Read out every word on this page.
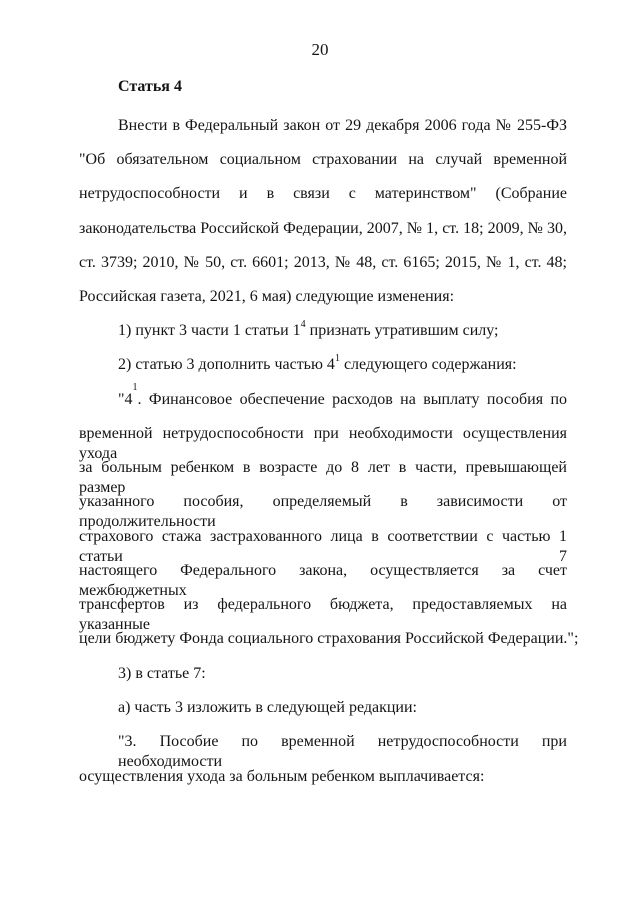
20
Статья 4
Внести в Федеральный закон от 29 декабря 2006 года № 255-ФЗ
"Об обязательном социальном страховании на случай временной
нетрудоспособности и в связи с материнством" (Собрание
законодательства Российской Федерации, 2007, № 1, ст. 18; 2009, № 30,
ст. 3739; 2010, № 50, ст. 6601; 2013, № 48, ст. 6165; 2015, № 1, ст. 48;
Российская газета, 2021, 6 мая) следующие изменения:
1) пункт 3 части 1 статьи $1^4$ признать утратившим силу;
2) статью 3 дополнить частью $4^1$ следующего содержания:
"4
$^1$
. Финансовое обеспечение расходов на выплату пособия по
временной нетрудоспособности при необходимости осуществления ухода
за больным ребенком в возрасте до 8 лет в части, превышающей размер
указанного пособия, определяемый в зависимости от продолжительности
страхового стажа застрахованного лица в соответствии с частью 1 статьи 7
настоящего Федерального закона, осуществляется за счет межбюджетных
трансфертов из федерального бюджета, предоставляемых на указанные
цели бюджету Фонда социального страхования Российской Федерации.";
3) в статье 7:
а) часть 3 изложить в следующей редакции:
"3. Пособие по временной нетрудоспособности при необходимости
осуществления ухода за больным ребенком выплачивается:
